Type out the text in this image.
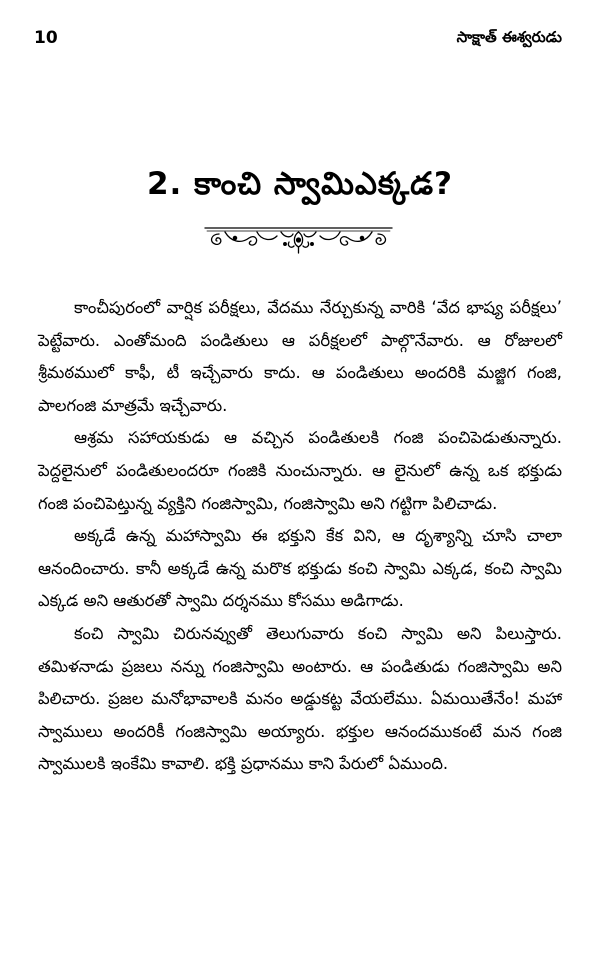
10	సాక్షాత్ ఈశ్వరుడు
2. కాంచి స్వామిఎక్కడ?

కాంచీపురంలో వార్షిక పరీక్షలు, వేదము నేర్చుకున్న వారికి ‘వేద భాష్య పరీక్షలు’ పెట్టేవారు. ఎంతోమంది పండితులు ఆ పరీక్షలలో పాల్గొనేవారు. ఆ రోజులలో శ్రీమఠములో కాఫీ, టీ ఇచ్చేవారు కాదు. ఆ పండితులు అందరికి మజ్జిగ గంజి, పాలగంజి మాత్రమే ఇచ్చేవారు.

ఆశ్రమ సహాయకుడు ఆ వచ్చిన పండితులకి గంజి పంచిపెడుతున్నారు. పెద్దలైనులో పండితులందరూ గంజికి నుంచున్నారు. ఆ లైనులో ఉన్న ఒక భక్తుడు గంజి పంచిపెట్తున్న వ్యక్తిని గంజిస్వామి, గంజిస్వామి అని గట్టిగా పిలిచాడు.

అక్కడే ఉన్న మహాస్వామి ఈ భక్తుని కేక విని, ఆ దృశ్యాన్ని చూసి చాలా ఆనందించారు. కానీ అక్కడే ఉన్న మరొక భక్తుడు కంచి స్వామి ఎక్కడ, కంచి స్వామి ఎక్కడ అని ఆతురతో స్వామి దర్శనము కోసము అడిగాడు.

కంచి స్వామి చిరునవ్వుతో తెలుగువారు కంచి స్వామి అని పిలుస్తారు. తమిళనాడు ప్రజలు నన్ను గంజిస్వామి అంటారు. ఆ పండితుడు గంజిస్వామి అని పిలిచారు. ప్రజల మనోభావాలకి మనం అడ్డుకట్ట వేయలేము. ఏమయితేనేం! మహా స్వాములు అందరికీ గంజిస్వామి అయ్యారు. భక్తుల ఆనందముకంటే మన గంజి స్వాములకి ఇంకేమి కావాలి. భక్తి ప్రధానము కాని పేరులో ఏముంది.
